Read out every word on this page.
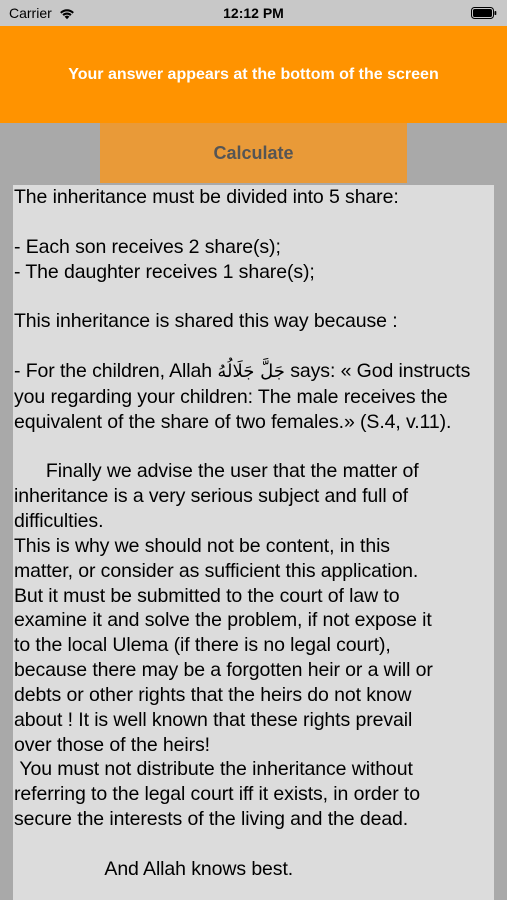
Carrier	12:12 PM
Your answer appears at the bottom of the screen
Calculate

The inheritance must be divided into 5 share:

- Each son receives 2 share(s);

- The daughter receives 1 share(s);

This inheritance is shared this way because :

- For the children, Allah جَلَّ جَلَالُهُ says: « God instructs

you regarding your children: The male receives the

equivalent of the share of two females.» (S.4, v.11).

Finally we advise the user that the matter of

inheritance is a very serious subject and full of

difficulties.

This is why we should not be content, in this

matter, or consider as sufficient this application.

But it must be submitted to the court of law to

examine it and solve the problem, if not expose it

to the local Ulema (if there is no legal court),

because there may be a forgotten heir or a will or

debts or other rights that the heirs do not know

about ! It is well known that these rights prevail

over those of the heirs!

You must not distribute the inheritance without

referring to the legal court iff it exists, in order to

secure the interests of the living and the dead.

And Allah knows best.
